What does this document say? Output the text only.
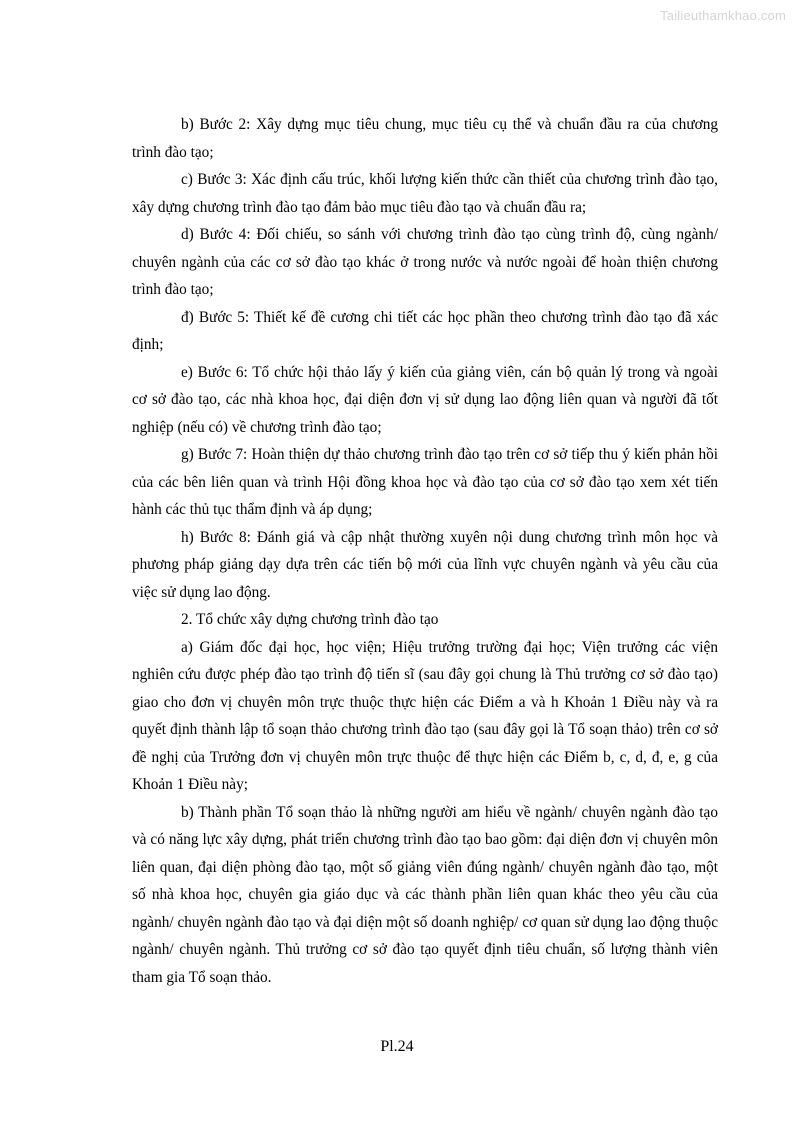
Tailieuthamkhao.com

b) Bước 2: Xây dựng mục tiêu chung, mục tiêu cụ thể và chuẩn đầu ra của chương trình đào tạo;

c) Bước 3: Xác định cấu trúc, khối lượng kiến thức cần thiết của chương trình đào tạo, xây dựng chương trình đào tạo đảm bảo mục tiêu đào tạo và chuẩn đầu ra;

d) Bước 4: Đối chiếu, so sánh với chương trình đào tạo cùng trình độ, cùng ngành/ chuyên ngành của các cơ sở đào tạo khác ở trong nước và nước ngoài để hoàn thiện chương trình đào tạo;

đ) Bước 5: Thiết kế đề cương chi tiết các học phần theo chương trình đào tạo đã xác định;

e) Bước 6: Tổ chức hội thảo lấy ý kiến của giảng viên, cán bộ quản lý trong và ngoài cơ sở đào tạo, các nhà khoa học, đại diện đơn vị sử dụng lao động liên quan và người đã tốt nghiệp (nếu có) về chương trình đào tạo;

g) Bước 7: Hoàn thiện dự thảo chương trình đào tạo trên cơ sở tiếp thu ý kiến phản hồi của các bên liên quan và trình Hội đồng khoa học và đào tạo của cơ sở đào tạo xem xét tiến hành các thủ tục thẩm định và áp dụng;

h) Bước 8: Đánh giá và cập nhật thường xuyên nội dung chương trình môn học và phương pháp giảng dạy dựa trên các tiến bộ mới của lĩnh vực chuyên ngành và yêu cầu của việc sử dụng lao động.

2. Tổ chức xây dựng chương trình đào tạo

a) Giám đốc đại học, học viện; Hiệu trưởng trường đại học; Viện trưởng các viện nghiên cứu được phép đào tạo trình độ tiến sĩ (sau đây gọi chung là Thủ trưởng cơ sở đào tạo) giao cho đơn vị chuyên môn trực thuộc thực hiện các Điểm a và h Khoản 1 Điều này và ra quyết định thành lập tổ soạn thảo chương trình đào tạo (sau đây gọi là Tổ soạn thảo) trên cơ sở đề nghị của Trưởng đơn vị chuyên môn trực thuộc để thực hiện các Điểm b, c, d, đ, e, g của Khoản 1 Điều này;

b) Thành phần Tổ soạn thảo là những người am hiểu về ngành/ chuyên ngành đào tạo và có năng lực xây dựng, phát triển chương trình đào tạo bao gồm: đại diện đơn vị chuyên môn liên quan, đại diện phòng đào tạo, một số giảng viên đúng ngành/ chuyên ngành đào tạo, một số nhà khoa học, chuyên gia giáo dục và các thành phần liên quan khác theo yêu cầu của ngành/ chuyên ngành đào tạo và đại diện một số doanh nghiệp/ cơ quan sử dụng lao động thuộc ngành/ chuyên ngành. Thủ trưởng cơ sở đào tạo quyết định tiêu chuẩn, số lượng thành viên tham gia Tổ soạn thảo.

Pl.24
